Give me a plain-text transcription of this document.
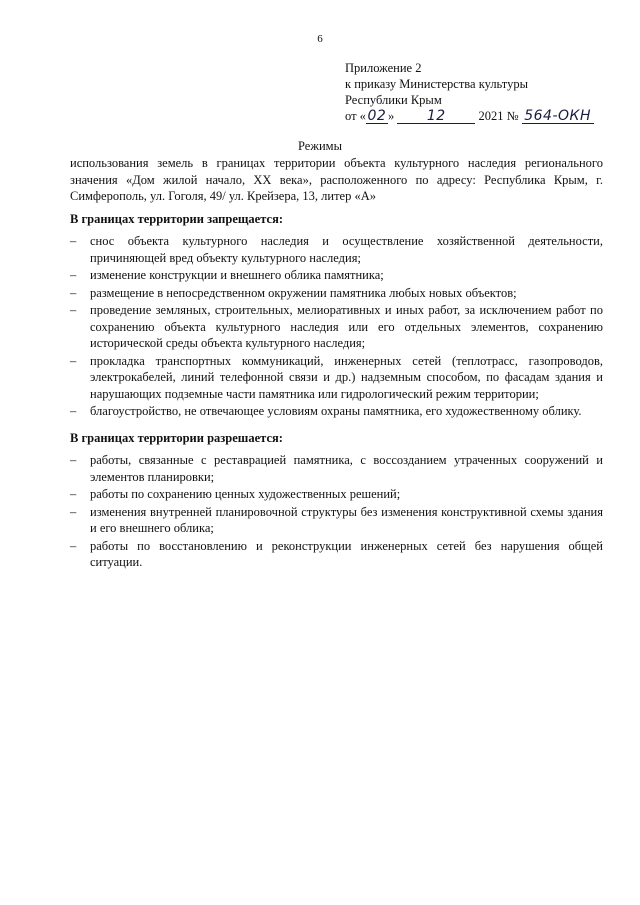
6
Приложение 2
к приказу Министерства культуры
Республики Крым
от « 02 » 12	2021 № 564-ОКН
Режимы
использования земель в границах территории объекта культурного наследия регионального значения «Дом жилой начало, XX века», расположенного по адресу: Республика Крым, г. Симферополь, ул. Гоголя, 49/ ул. Крейзера, 13, литер «А»
В границах территории запрещается:
– снос объекта культурного наследия и осуществление хозяйственной деятельности, причиняющей вред объекту культурного наследия;
– изменение конструкции и внешнего облика памятника;
– размещение в непосредственном окружении памятника любых новых объектов;
– проведение земляных, строительных, мелиоративных и иных работ, за исключением работ по сохранению объекта культурного наследия или его отдельных элементов, сохранению исторической среды объекта культурного наследия;
– прокладка транспортных коммуникаций, инженерных сетей (теплотрасс, газопроводов, электрокабелей, линий телефонной связи и др.) надземным способом, по фасадам здания и нарушающих подземные части памятника или гидрологический режим территории;
– благоустройство, не отвечающее условиям охраны памятника, его художественному облику.
В границах территории разрешается:
– работы, связанные с реставрацией памятника, с воссозданием утраченных сооружений и элементов планировки;
– работы по сохранению ценных художественных решений;
– изменения внутренней планировочной структуры без изменения конструктивной схемы здания и его внешнего облика;
– работы по восстановлению и реконструкции инженерных сетей без нарушения общей ситуации.
